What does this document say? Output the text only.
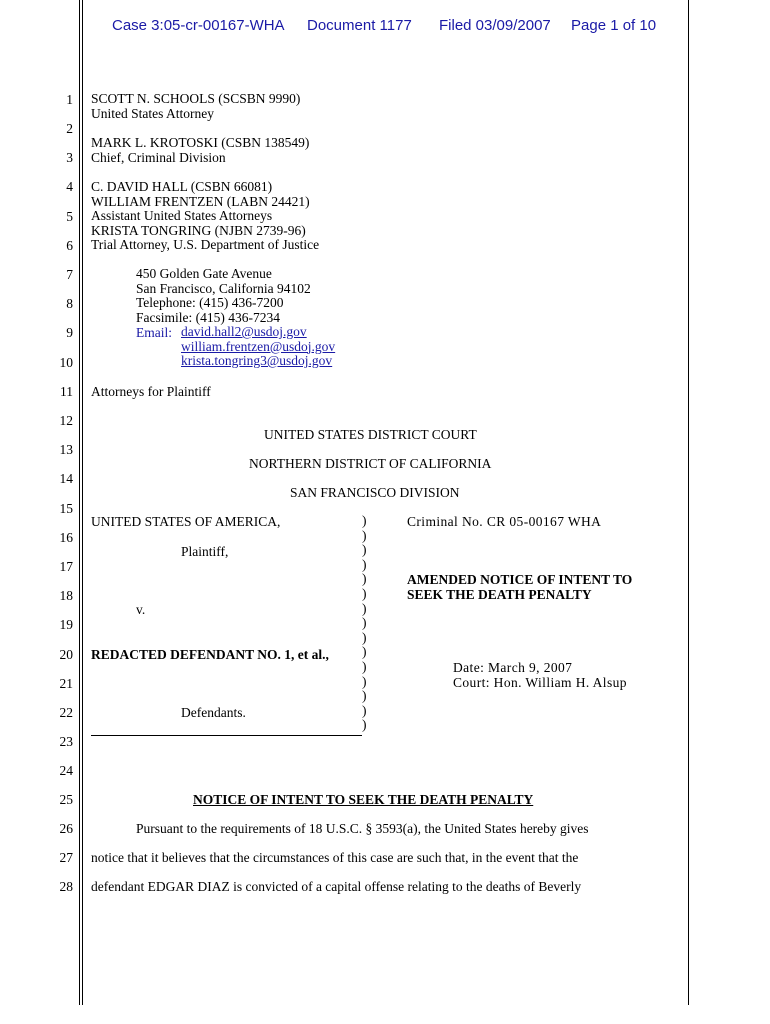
Case 3:05-cr-00167-WHA Document 1177 Filed 03/09/2007 Page 1 of 10
1
2
3
4
5
6
7
8
9
10
11
12
13
14
15
16
17
18
19
20
21
22
23
24
25
26
27
28
SCOTT N. SCHOOLS (SCSBN 9990)
United States Attorney
MARK L. KROTOSKI (CSBN 138549)
Chief, Criminal Division
C. DAVID HALL (CSBN 66081)
WILLIAM FRENTZEN (LABN 24421)
Assistant United States Attorneys
KRISTA TONGRING (NJBN 2739-96)
Trial Attorney, U.S. Department of Justice
450 Golden Gate Avenue
San Francisco, California 94102
Telephone: (415) 436-7200
Facsimile: (415) 436-7234
Email: david.hall2@usdoj.gov
william.frentzen@usdoj.gov
krista.tongring3@usdoj.gov
Attorneys for Plaintiff
UNITED STATES DISTRICT COURT
NORTHERN DISTRICT OF CALIFORNIA
SAN FRANCISCO DIVISION
UNITED STATES OF AMERICA,
Plaintiff,
v.
REDACTED DEFENDANT NO. 1, et al.,
Defendants.
)
)
)
)
)
)
)
)
)
)
)
)
)
)
)
Criminal No. CR 05-00167 WHA
AMENDED NOTICE OF INTENT TO
SEEK THE DEATH PENALTY
Date: March 9, 2007
Court: Hon. William H. Alsup
NOTICE OF INTENT TO SEEK THE DEATH PENALTY
Pursuant to the requirements of 18 U.S.C. § 3593(a), the United States hereby gives
notice that it believes that the circumstances of this case are such that, in the event that the
defendant EDGAR DIAZ is convicted of a capital offense relating to the deaths of Beverly
